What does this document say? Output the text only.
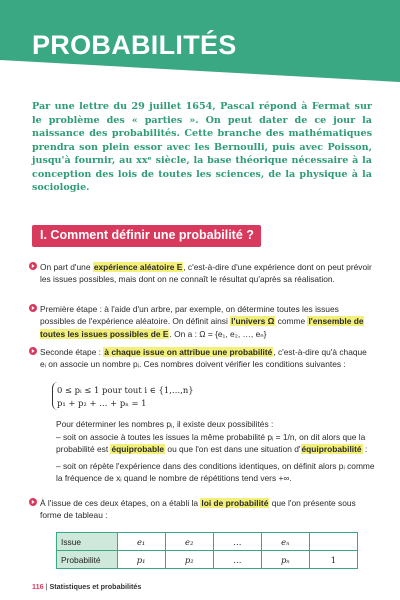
PROBABILITÉS
Par une lettre du 29 juillet 1654, Pascal répond à Fermat sur le problème des « parties ». On peut dater de ce jour la naissance des probabilités. Cette branche des mathématiques prendra son plein essor avec les Bernoulli, puis avec Poisson, jusqu'à fournir, au xxᵉ siècle, la base théorique nécessaire à la conception des lois de toutes les sciences, de la physique à la sociologie.
I. Comment définir une probabilité ?
On part d'une expérience aléatoire E, c'est-à-dire d'une expérience dont on peut prévoir les issues possibles, mais dont on ne connaît le résultat qu'après sa réalisation.
Première étape : à l'aide d'un arbre, par exemple, on détermine toutes les issues possibles de l'expérience aléatoire. On définit ainsi l'univers Ω comme l'ensemble de toutes les issues possibles de E. On a : Ω = {e₁, e₂, …, eₙ}
Seconde étape : à chaque issue on attribue une probabilité, c'est-à-dire qu'à chaque eᵢ on associe un nombre pᵢ. Ces nombres doivent vérifier les conditions suivantes :
0 ≤ pᵢ ≤ 1 pour tout i ∈ {1,…,n}
p₁ + p₂ + … + pₙ = 1
Pour déterminer les nombres pᵢ, il existe deux possibilités :
– soit on associe à toutes les issues la même probabilité pᵢ = 1/n, on dit alors que la probabilité est équiprobable ou que l'on est dans une situation d'équiprobabilité :
– soit on répète l'expérience dans des conditions identiques, on définit alors pᵢ comme la fréquence de xᵢ quand le nombre de répétitions tend vers +∞.
À l'issue de ces deux étapes, on a établi la loi de probabilité que l'on présente sous forme de tableau :
Issue	e₁	e₂	…	eₙ	
Probabilité	p₁	p₂	…	pₙ	1
116 | Statistiques et probabilités
